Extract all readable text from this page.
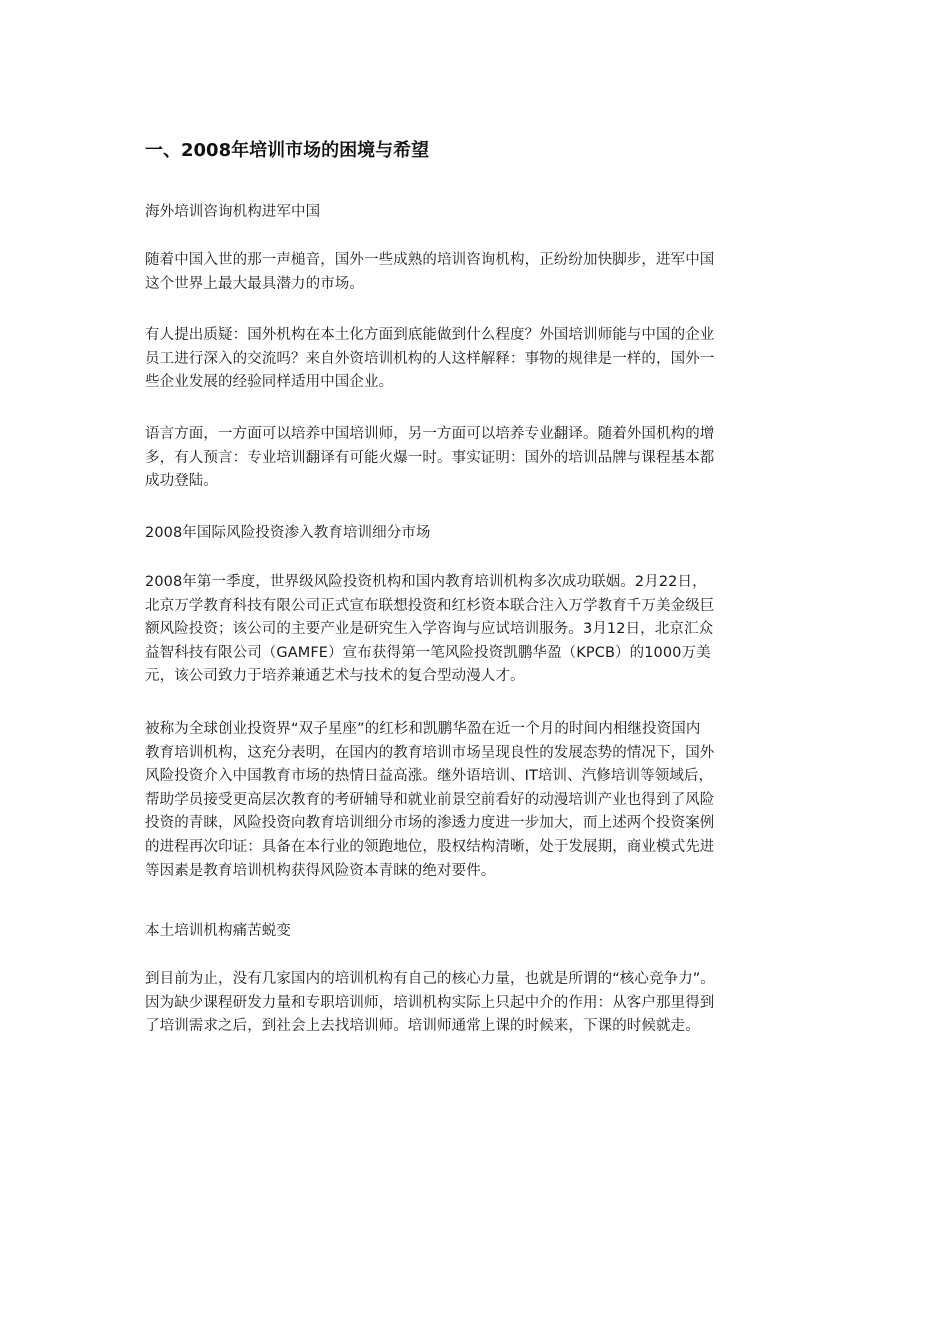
一、2008年培训市场的困境与希望

海外培训咨询机构进军中国

随着中国入世的那一声槌音，国外一些成熟的培训咨询机构，正纷纷加快脚步，进军中国
这个世界上最大最具潜力的市场。

有人提出质疑：国外机构在本土化方面到底能做到什么程度？外国培训师能与中国的企业
员工进行深入的交流吗？来自外资培训机构的人这样解释：事物的规律是一样的，国外一
些企业发展的经验同样适用中国企业。

语言方面，一方面可以培养中国培训师，另一方面可以培养专业翻译。随着外国机构的增
多，有人预言：专业培训翻译有可能火爆一时。事实证明：国外的培训品牌与课程基本都
成功登陆。

2008年国际风险投资渗入教育培训细分市场

2008年第一季度，世界级风险投资机构和国内教育培训机构多次成功联姻。2月22日，
北京万学教育科技有限公司正式宣布联想投资和红杉资本联合注入万学教育千万美金级巨
额风险投资；该公司的主要产业是研究生入学咨询与应试培训服务。3月12日，北京汇众
益智科技有限公司（GAMFE）宣布获得第一笔风险投资凯鹏华盈（KPCB）的1000万美
元，该公司致力于培养兼通艺术与技术的复合型动漫人才。

被称为全球创业投资界“双子星座”的红杉和凯鹏华盈在近一个月的时间内相继投资国内
教育培训机构，这充分表明，在国内的教育培训市场呈现良性的发展态势的情况下，国外
风险投资介入中国教育市场的热情日益高涨。继外语培训、IT培训、汽修培训等领域后，
帮助学员接受更高层次教育的考研辅导和就业前景空前看好的动漫培训产业也得到了风险
投资的青睐，风险投资向教育培训细分市场的渗透力度进一步加大，而上述两个投资案例
的进程再次印证：具备在本行业的领跑地位，股权结构清晰，处于发展期，商业模式先进
等因素是教育培训机构获得风险资本青睐的绝对要件。

本土培训机构痛苦蜕变

到目前为止，没有几家国内的培训机构有自己的核心力量，也就是所谓的“核心竞争力”。
因为缺少课程研发力量和专职培训师，培训机构实际上只起中介的作用：从客户那里得到
了培训需求之后，到社会上去找培训师。培训师通常上课的时候来，下课的时候就走。
